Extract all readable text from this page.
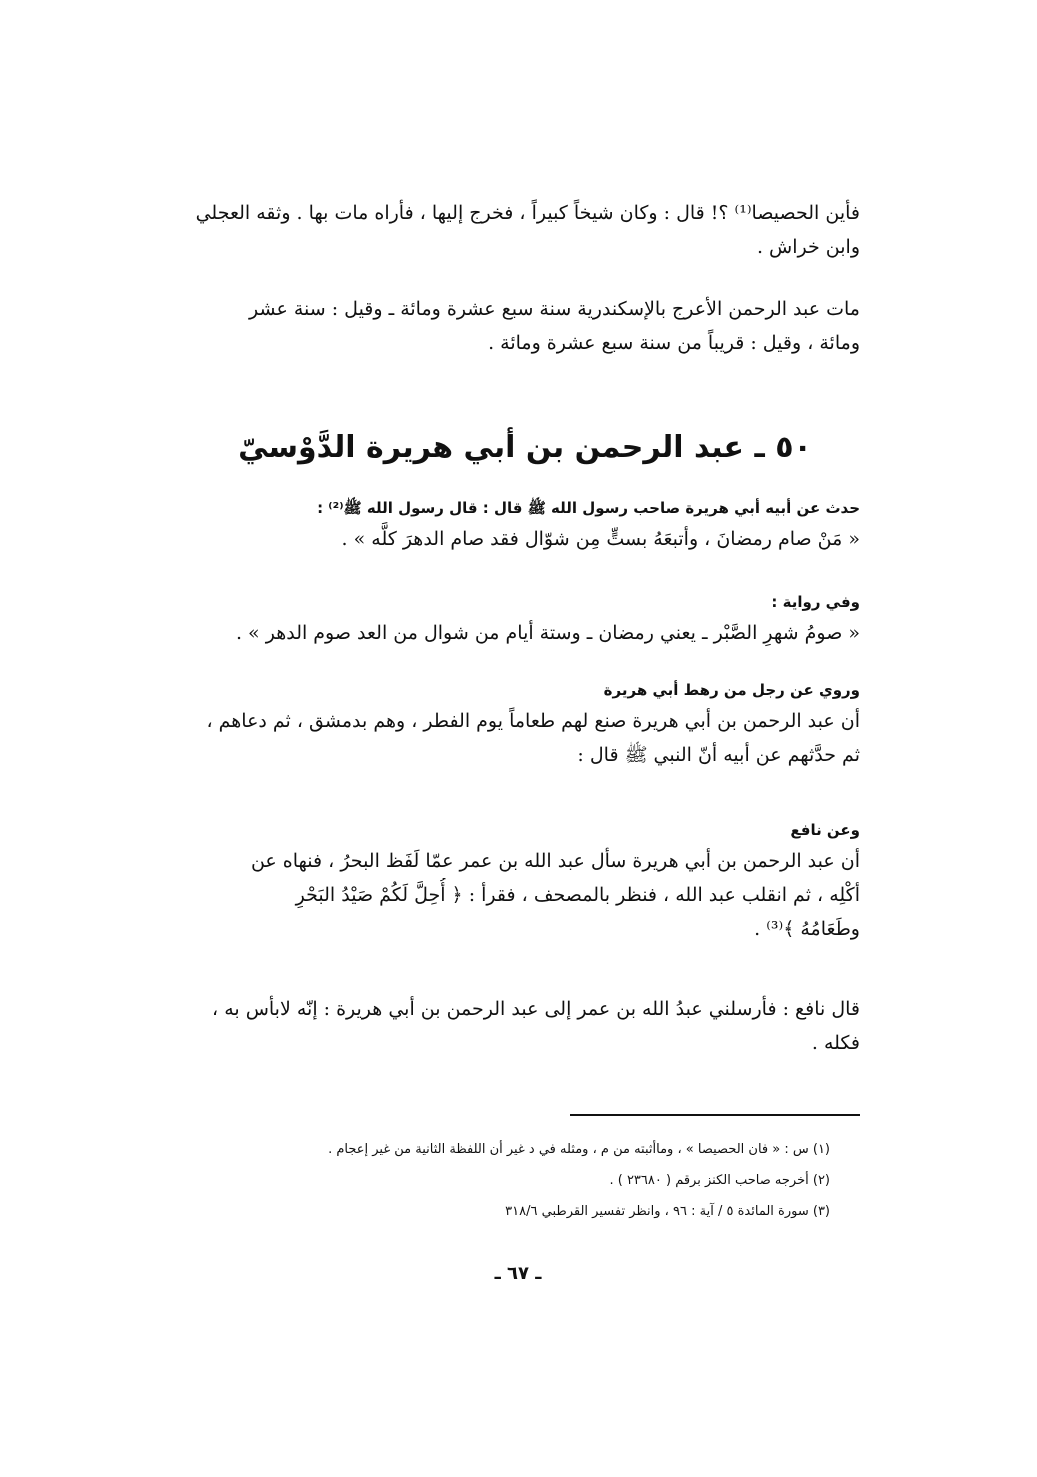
فأين الحصيصا⁽¹⁾ ؟! قال : وكان شيخاً كبيراً ، فخرج إليها ، فأراه مات بها . وثقه العجلي
وابن خراش .
مات عبد الرحمن الأعرج بالإسكندرية سنة سبع عشرة ومائة ـ وقيل : سنة عشر
ومائة ، وقيل : قريباً من سنة سبع عشرة ومائة .
٥٠ ـ عبد الرحمن بن أبي هريرة الدَّوْسيّ
حدث عن أبيه أبي هريرة صاحب رسول الله ﷺ قال : قال رسول الله ﷺ⁽²⁾ :
« مَنْ صام رمضانَ ، وأتبعَهُ بستٍّ مِن شوّال فقد صام الدهرَ كلَّه » .
وفي رواية :
« صومُ شهرِ الصَّبْر ـ يعني رمضان ـ وستة أيام من شوال من العد صوم الدهر » .
وروي عن رجل من رهط أبي هريرة
أن عبد الرحمن بن أبي هريرة صنع لهم طعاماً يوم الفطر ، وهم بدمشق ، ثم دعاهم ،
ثم حدَّثهم عن أبيه أنّ النبي ﷺ قال :
وعن نافع
أن عبد الرحمن بن أبي هريرة سأل عبد الله بن عمر عمّا لَفَظ البحرُ ، فنهاه عن
أكْلِه ، ثم انقلب عبد الله ، فنظر بالمصحف ، فقرأ : ﴿ أُحِلَّ لَكُمْ صَيْدُ البَحْرِ
وطَعَامُهُ ﴾⁽³⁾ .
قال نافع : فأرسلني عبدُ الله بن عمر إلى عبد الرحمن بن أبي هريرة : إنّه لابأس به ،
فكله .
(١) س : « فان الحصيصا » ، وماأثبته من م ، ومثله في د غير أن اللفظة الثانية من غير إعجام .
(٢) أخرجه صاحب الكنز برقم ( ٢٣٦٨٠ ) .
(٣) سورة المائدة ٥ / آية : ٩٦ ، وانظر تفسير القرطبي ٣١٨/٦
ـ ٦٧ ـ
